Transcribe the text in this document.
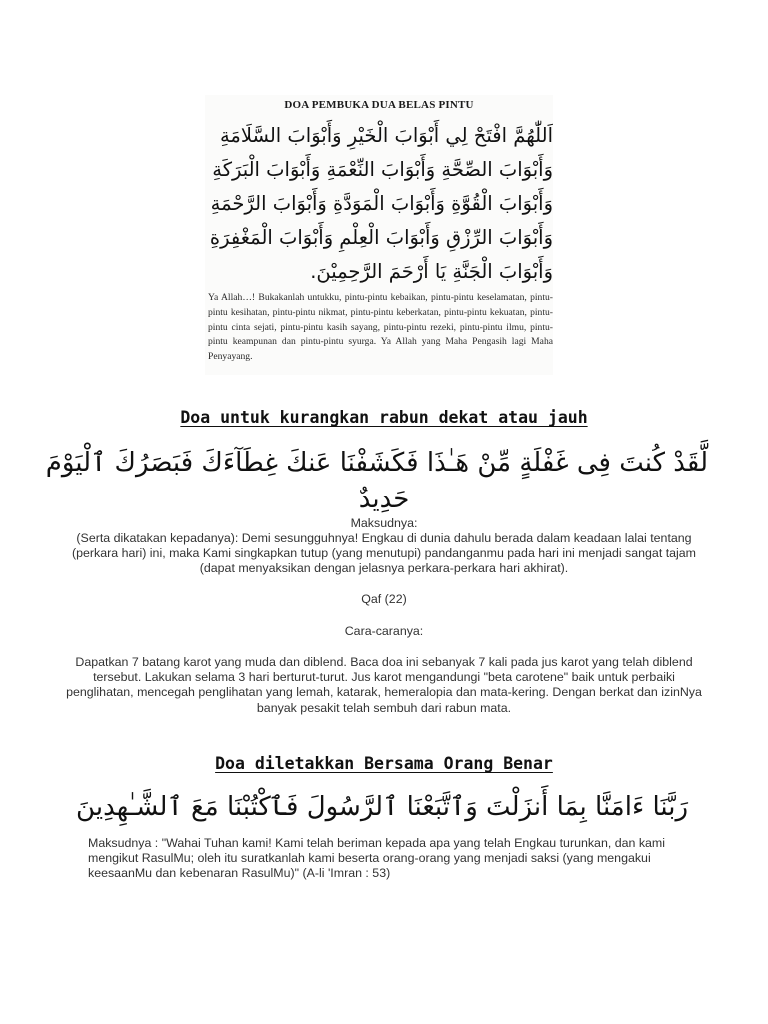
DOA PEMBUKA DUA BELAS PINTU
اَللّٰهُمَّ افْتَحْ لِي أَبْوَابَ الْخَيْرِ وَأَبْوَابَ السَّلَامَةِ
وَأَبْوَابَ الصِّحَّةِ وَأَبْوَابَ النِّعْمَةِ وَأَبْوَابَ الْبَرَكَةِ
وَأَبْوَابَ الْقُوَّةِ وَأَبْوَابَ الْمَوَدَّةِ وَأَبْوَابَ الرَّحْمَةِ
وَأَبْوَابَ الرِّزْقِ وَأَبْوَابَ الْعِلْمِ وَأَبْوَابَ الْمَغْفِرَةِ
وَأَبْوَابَ الْجَنَّةِ يَا أَرْحَمَ الرَّحِمِيْنَ.
Ya Allah…! Bukakanlah untukku, pintu-pintu kebaikan, pintu-pintu keselamatan, pintu-pintu kesihatan, pintu-pintu nikmat, pintu-pintu keberkatan, pintu-pintu kekuatan, pintu-pintu cinta sejati, pintu-pintu kasih sayang, pintu-pintu rezeki, pintu-pintu ilmu, pintu-pintu keampunan dan pintu-pintu syurga. Ya Allah yang Maha Pengasih lagi Maha Penyayang.
Doa untuk kurangkan rabun dekat atau jauh
لَّقَدْ كُنتَ فِى غَفْلَةٍ مِّنْ هَـٰذَا فَكَشَفْنَا عَنكَ غِطَآءَكَ فَبَصَرُكَ ٱلْيَوْمَ
حَدِيدٌ
Maksudnya:
(Serta dikatakan kepadanya): Demi sesungguhnya! Engkau di dunia dahulu berada dalam keadaan lalai tentang (perkara hari) ini, maka Kami singkapkan tutup (yang menutupi) pandanganmu pada hari ini menjadi sangat tajam (dapat menyaksikan dengan jelasnya perkara-perkara hari akhirat).
Qaf (22)
Cara-caranya:
Dapatkan 7 batang karot yang muda dan diblend. Baca doa ini sebanyak 7 kali pada jus karot yang telah diblend tersebut. Lakukan selama 3 hari berturut-turut. Jus karot mengandungi "beta carotene" baik untuk perbaiki penglihatan, mencegah penglihatan yang lemah, katarak, hemeralopia dan mata-kering. Dengan berkat dan izinNya banyak pesakit telah sembuh dari rabun mata.
Doa diletakkan Bersama Orang Benar
رَبَّنَا ءَامَنَّا بِمَا أَنزَلْتَ وَٱتَّبَعْنَا ٱلرَّسُولَ فَٱكْتُبْنَا مَعَ ٱلشَّـٰهِدِينَ
Maksudnya : "Wahai Tuhan kami! Kami telah beriman kepada apa yang telah Engkau turunkan, dan kami mengikut RasulMu; oleh itu suratkanlah kami beserta orang-orang yang menjadi saksi (yang mengakui keesaanMu dan kebenaran RasulMu)" (A-li 'Imran : 53)
